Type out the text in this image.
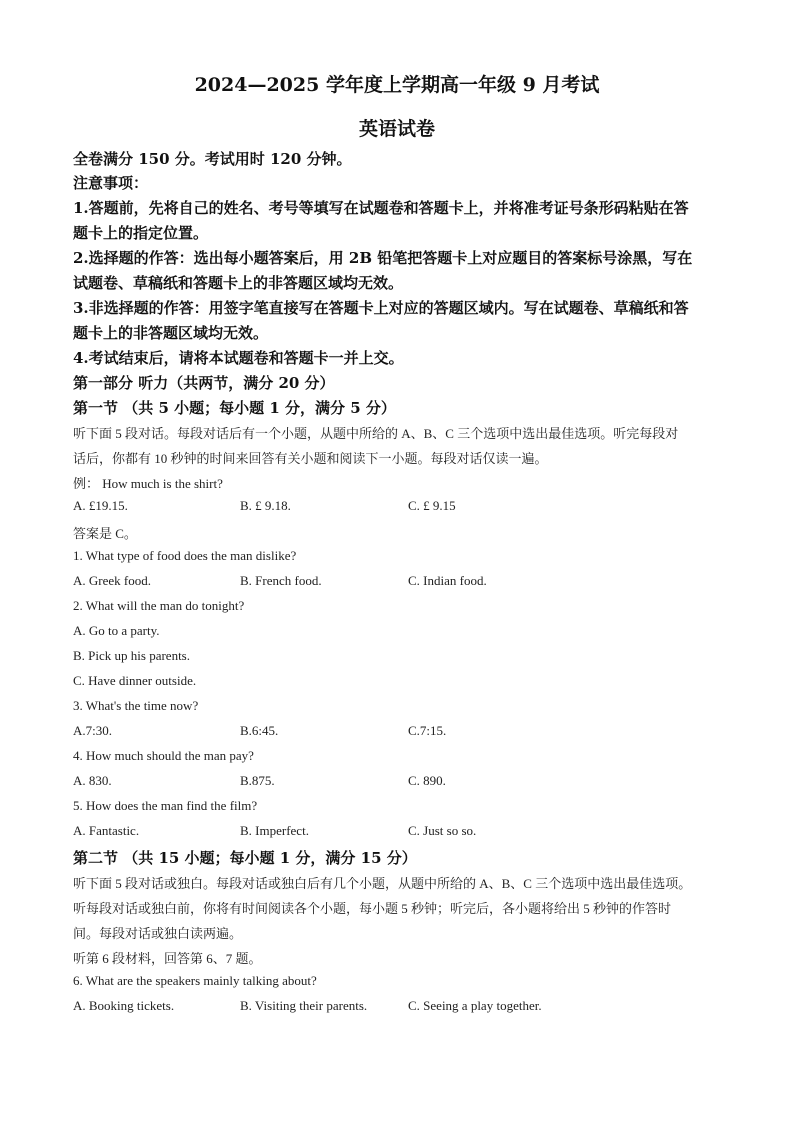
2024—2025 学年度上学期高一年级 9 月考试
英语试卷
全卷满分 150 分。考试用时 120 分钟。
注意事项：
1.答题前，先将自己的姓名、考号等填写在试题卷和答题卡上，并将准考证号条形码粘贴在答
题卡上的指定位置。
2.选择题的作答：选出每小题答案后，用 2B 铅笔把答题卡上对应题目的答案标号涂黑，写在
试题卷、草稿纸和答题卡上的非答题区域均无效。
3.非选择题的作答：用签字笔直接写在答题卡上对应的答题区域内。写在试题卷、草稿纸和答
题卡上的非答题区域均无效。
4.考试结束后，请将本试题卷和答题卡一并上交。
第一部分 听力（共两节，满分 20 分）
第一节 （共 5 小题；每小题 1 分，满分 5 分）
听下面 5 段对话。每段对话后有一个小题，从题中所给的 A、B、C 三个选项中选出最佳选项。听完每段对
话后，你都有 10 秒钟的时间来回答有关小题和阅读下一小题。每段对话仅读一遍。
例： How much is the shirt?
A. £19.15.	B. £ 9.18.	C. £ 9.15
答案是 C。
1. What type of food does the man dislike?
A. Greek food.	B. French food.	C. Indian food.
2. What will the man do tonight?
A. Go to a party.
B. Pick up his parents.
C. Have dinner outside.
3. What's the time now?
A.7:30.	B.6:45.	C.7:15.
4. How much should the man pay?
A. 830.	B.875.	C. 890.
5. How does the man find the film?
A. Fantastic.	B. Imperfect.	C. Just so so.
第二节 （共 15 小题；每小题 1 分，满分 15 分）
听下面 5 段对话或独白。每段对话或独白后有几个小题，从题中所给的 A、B、C 三个选项中选出最佳选项。
听每段对话或独白前，你将有时间阅读各个小题，每小题 5 秒钟；听完后，各小题将给出 5 秒钟的作答时
间。每段对话或独白读两遍。
听第 6 段材料，回答第 6、7 题。
6. What are the speakers mainly talking about?
A. Booking tickets.	B. Visiting their parents.	C. Seeing a play together.
